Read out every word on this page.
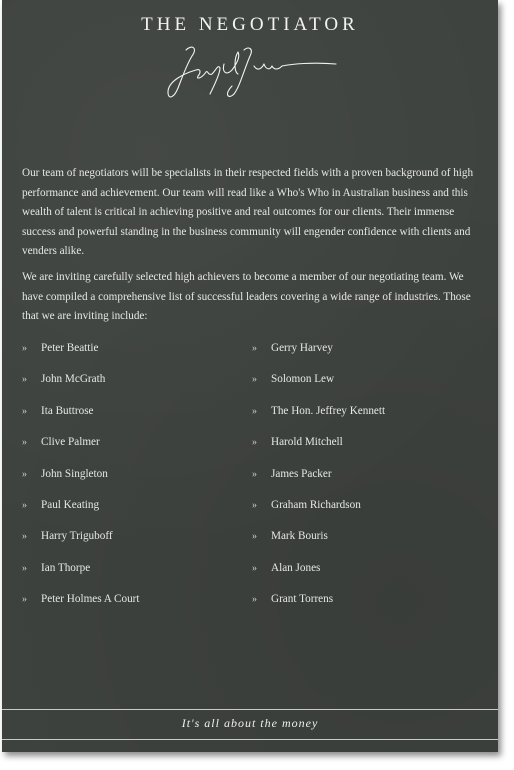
THE NEGOTIATOR
Our team of negotiators will be specialists in their respected fields with a proven background of high performance and achievement. Our team will read like a Who's Who in Australian business and this wealth of talent is critical in achieving positive and real outcomes for our clients. Their immense success and powerful standing in the business community will engender confidence with clients and venders alike.
We are inviting carefully selected high achievers to become a member of our negotiating team. We have compiled a comprehensive list of successful leaders covering a wide range of industries. Those that we are inviting include:
» Peter Beattie
» John McGrath
» Ita Buttrose
» Clive Palmer
» John Singleton
» Paul Keating
» Harry Triguboff
» Ian Thorpe
» Peter Holmes A Court
» Gerry Harvey
» Solomon Lew
» The Hon. Jeffrey Kennett
» Harold Mitchell
» James Packer
» Graham Richardson
» Mark Bouris
» Alan Jones
» Grant Torrens
It's all about the money
